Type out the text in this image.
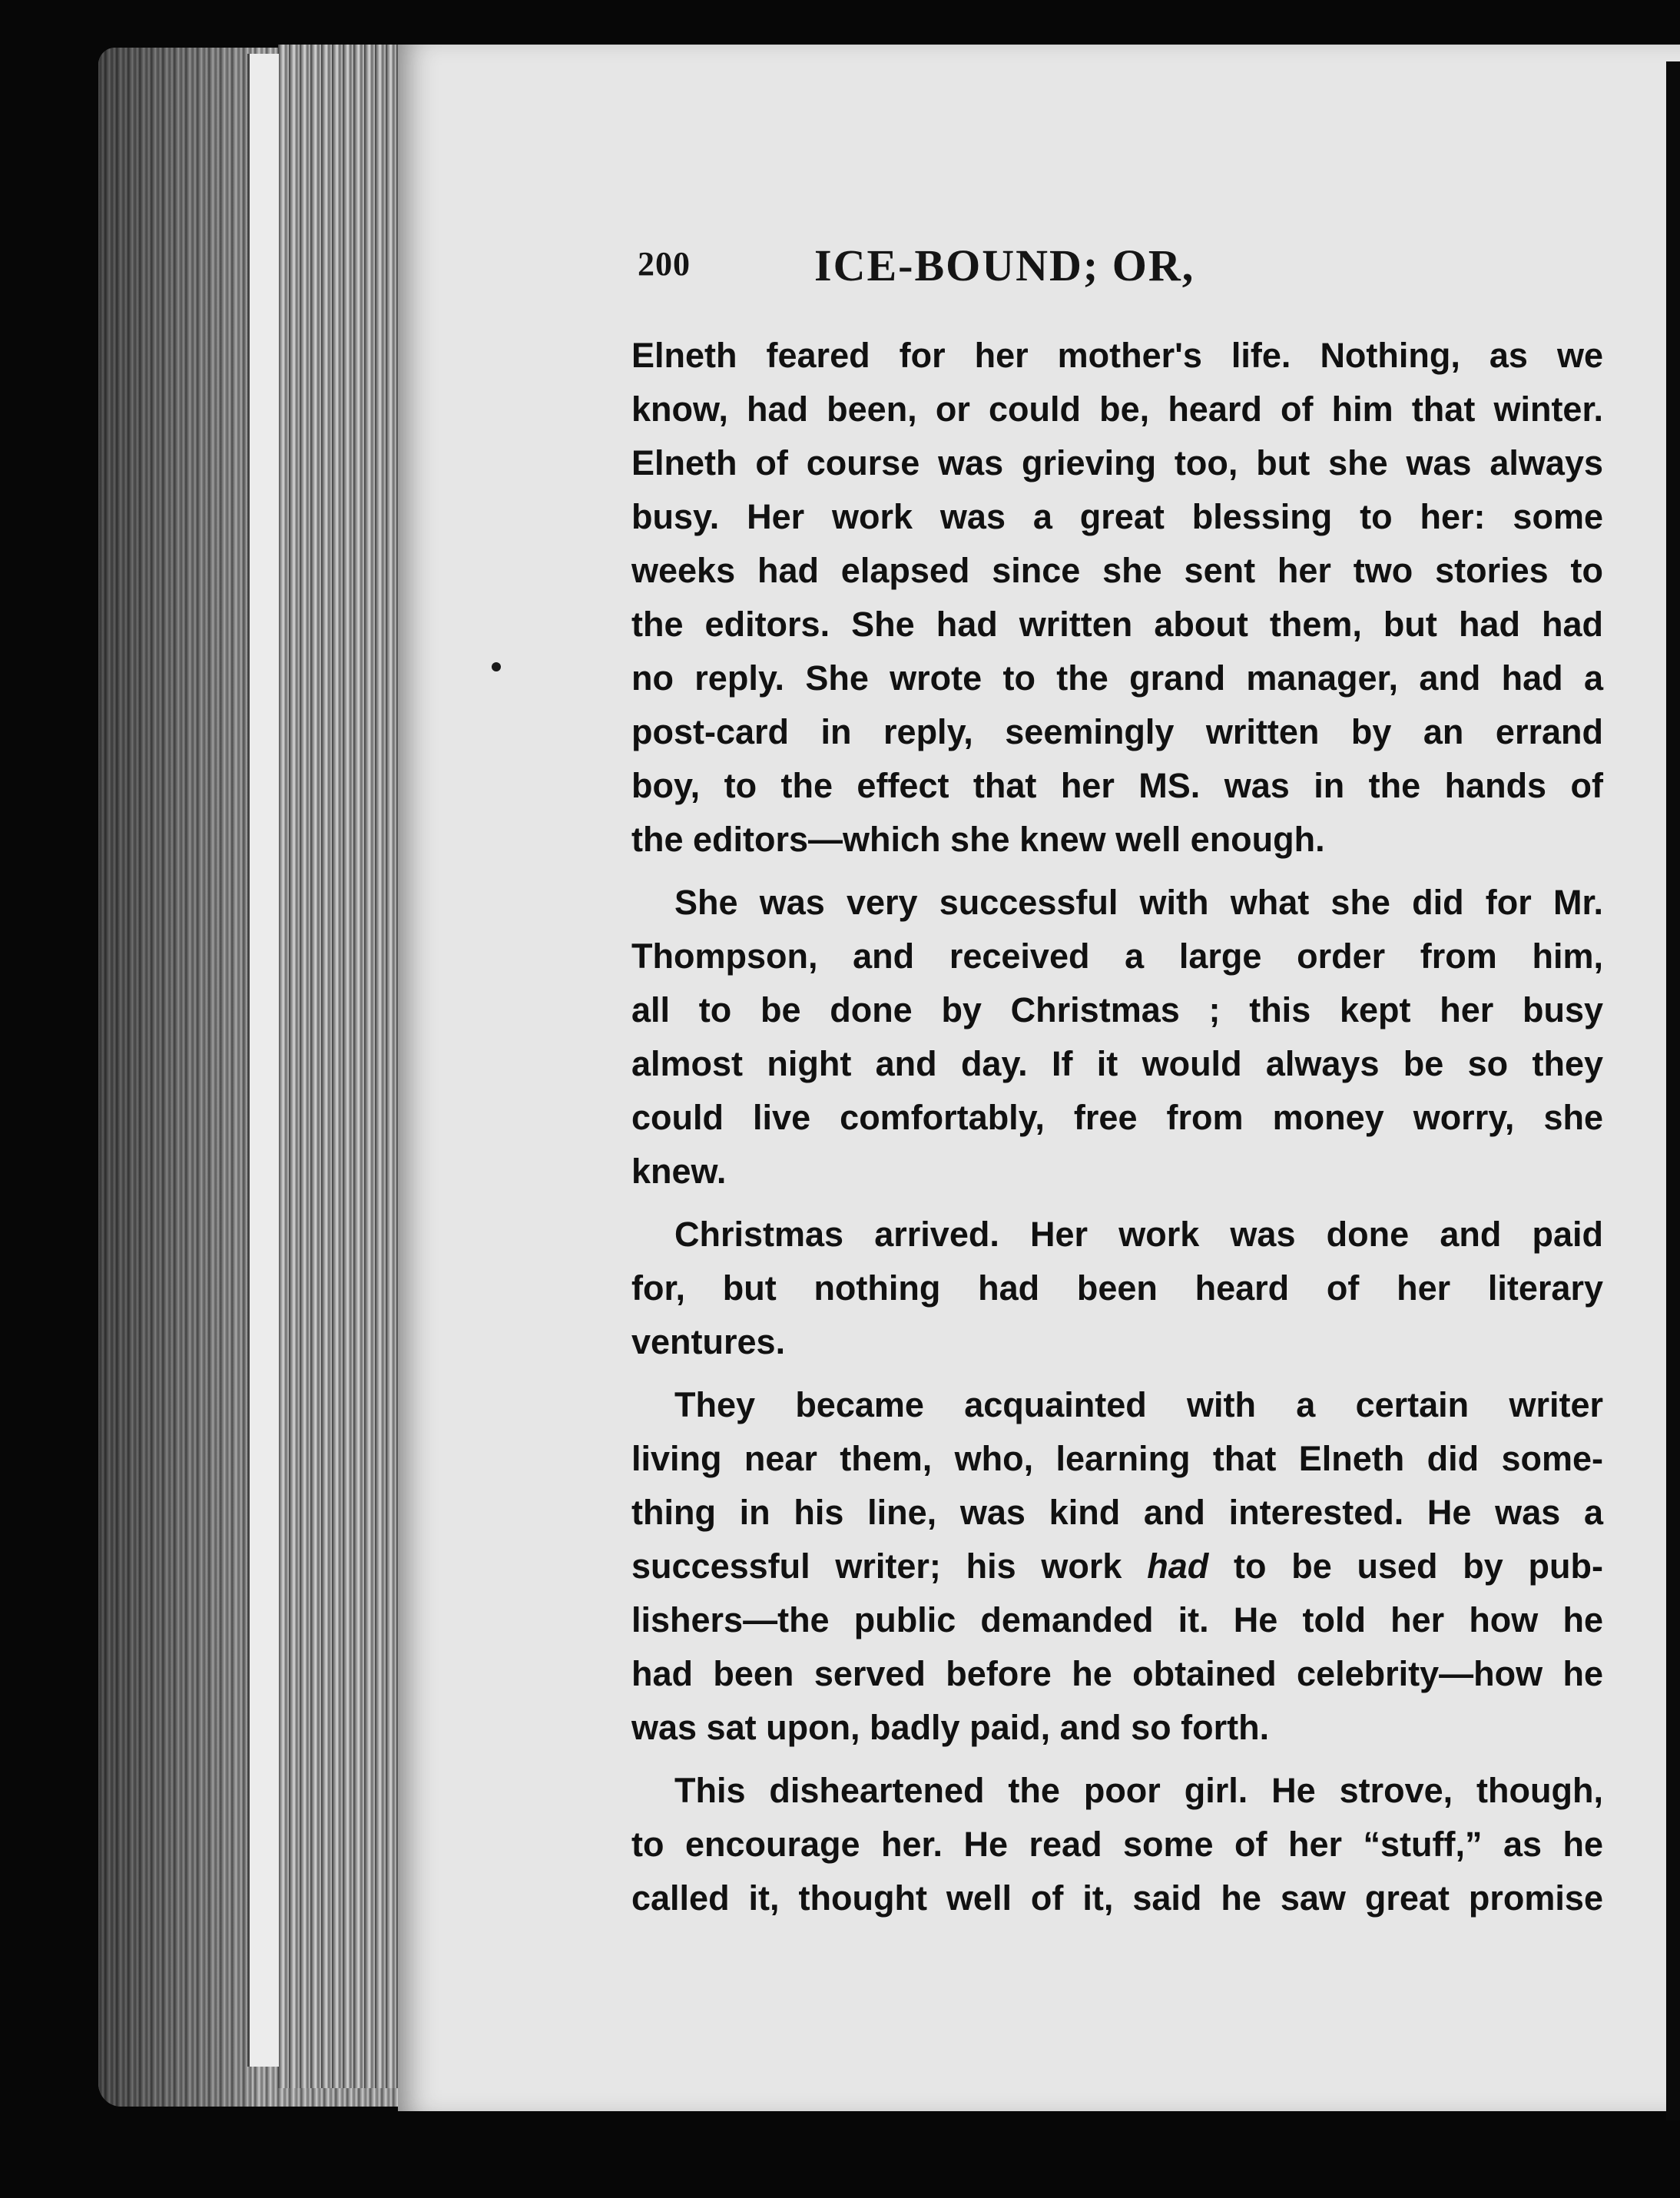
200	ICE-BOUND; OR,
Elneth feared for her mother's life. Nothing, as we
know, had been, or could be, heard of him that winter.
Elneth of course was grieving too, but she was always
busy. Her work was a great blessing to her: some
weeks had elapsed since she sent her two stories to
the editors. She had written about them, but had had
no reply. She wrote to the grand manager, and had a
post-card in reply, seemingly written by an errand
boy, to the effect that her MS. was in the hands of
the editors—which she knew well enough.
She was very successful with what she did for Mr.
Thompson, and received a large order from him,
all to be done by Christmas ; this kept her busy
almost night and day. If it would always be so they
could live comfortably, free from money worry, she
knew.
Christmas arrived. Her work was done and paid
for, but nothing had been heard of her literary
ventures.
They became acquainted with a certain writer
living near them, who, learning that Elneth did some-
thing in his line, was kind and interested. He was a
successful writer; his work had to be used by pub-
lishers—the public demanded it. He told her how he
had been served before he obtained celebrity—how he
was sat upon, badly paid, and so forth.
This disheartened the poor girl. He strove, though,
to encourage her. He read some of her “stuff,” as he
called it, thought well of it, said he saw great promise
